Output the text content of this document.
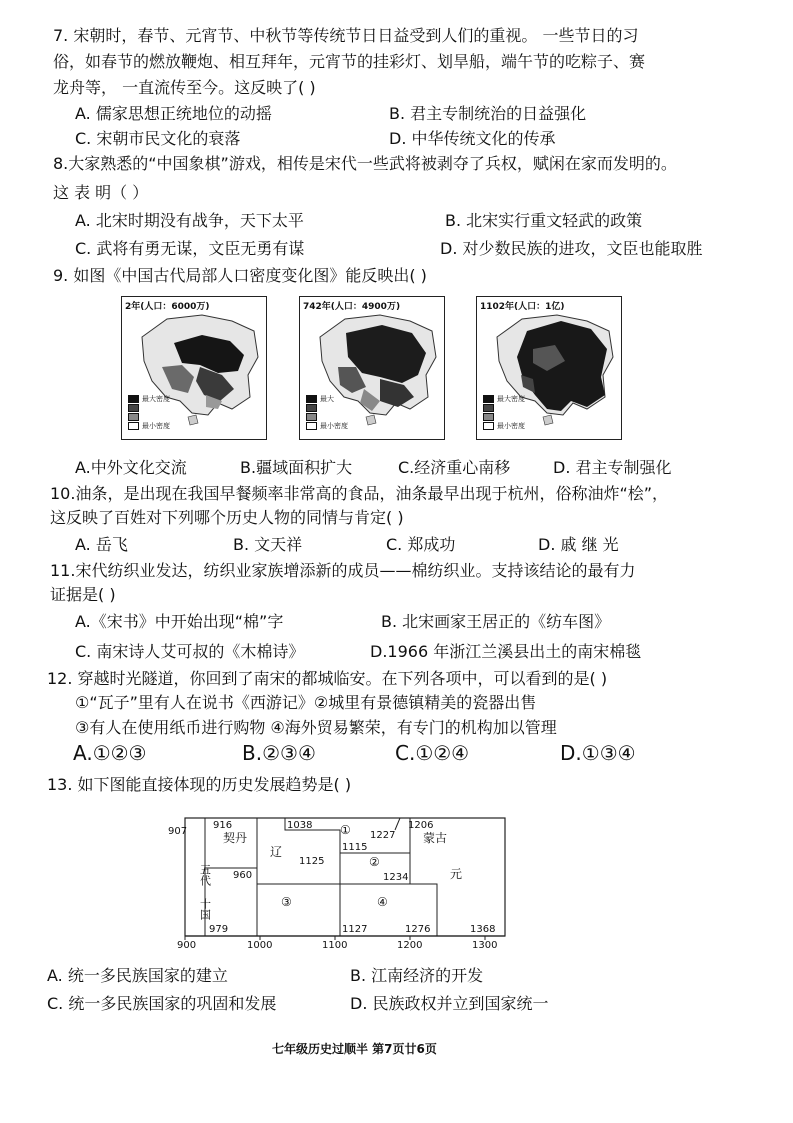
7. 宋朝时，春节、元宵节、中秋节等传统节日日益受到人们的重视。 一些节日的习
俗，如春节的燃放鞭炮、相互拜年，元宵节的挂彩灯、划旱船，端午节的吃粽子、赛
龙舟等， 一直流传至今。这反映了( )
A. 儒家思想正统地位的动摇	B. 君主专制统治的日益强化
C. 宋朝市民文化的衰落	D. 中华传统文化的传承
8.大家熟悉的“中国象棋”游戏，相传是宋代一些武将被剥夺了兵权，赋闲在家而发明的。
这 表 明（ ）
A. 北宋时期没有战争，天下太平	B. 北宋实行重文轻武的政策
C. 武将有勇无谋，文臣无勇有谋	D. 对少数民族的进攻，文臣也能取胜
9. 如图《中国古代局部人口密度变化图》能反映出( )
2年(人口：6000万)
最大密度
最小密度
742年(人口：4900万)
最大
最小密度
1102年(人口：1亿)
最大密度
最小密度
A.中外文化交流	B.疆域面积扩大	C.经济重心南移	D. 君主专制强化
10.油条，是出现在我国早餐频率非常高的食品，油条最早出现于杭州，俗称油炸“桧”，
这反映了百姓对下列哪个历史人物的同情与肯定( )
A. 岳飞	B. 文天祥	C. 郑成功	D. 戚 继 光
11.宋代纺织业发达，纺织业家族增添新的成员——棉纺织业。支持该结论的最有力
证据是( )
A.《宋书》中开始出现“棉”字	B. 北宋画家王居正的《纺车图》
C. 南宋诗人艾可叔的《木棉诗》	D.1966 年浙江兰溪县出土的南宋棉毯
12. 穿越时光隧道，你回到了南宋的都城临安。在下列各项中，可以看到的是( )
①“瓦子”里有人在说书《西游记》②城里有景德镇精美的瓷器出售
③有人在使用纸币进行购物 ④海外贸易繁荣，有专门的机构加以管理
A.①②③	B.②③④	C.①②④	D.①③④
13. 如下图能直接体现的历史发展趋势是( )
900	1000	1100	1200	1300
907
916	1038
1227
1206
1115
1125
960	1234
979	1127	1276	1368
契丹
辽
蒙古
元
五代
十国
①
②
③	④
A. 统一多民族国家的建立	B. 江南经济的开发
C. 统一多民族国家的巩固和发展	D. 民族政权并立到国家统一
七年级历史过顺半 第7页廿6页
